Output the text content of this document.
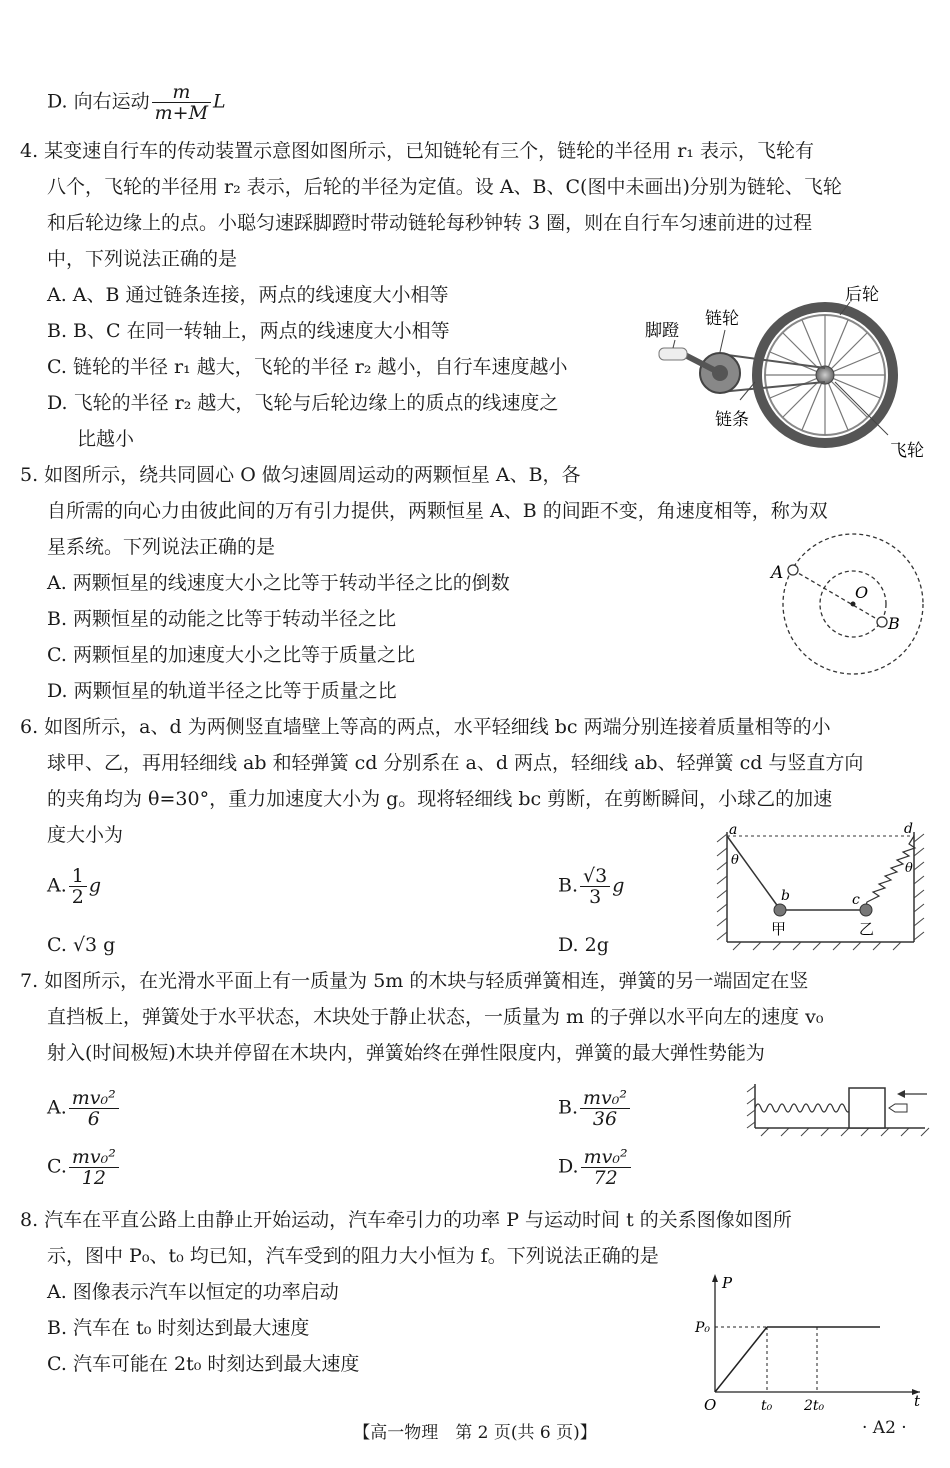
D. 向右运动 $\frac{m}{m+M}$ L
4. 某变速自行车的传动装置示意图如图所示，已知链轮有三个，链轮的半径用 r₁ 表示，飞轮有
八个，飞轮的半径用 r₂ 表示，后轮的半径为定值。设 A、B、C(图中未画出)分别为链轮、飞轮
和后轮边缘上的点。小聪匀速踩脚蹬时带动链轮每秒钟转 3 圈，则在自行车匀速前进的过程
中，下列说法正确的是
A. A、B 通过链条连接，两点的线速度大小相等
B. B、C 在同一转轴上，两点的线速度大小相等
C. 链轮的半径 r₁ 越大，飞轮的半径 r₂ 越小，自行车速度越小
D. 飞轮的半径 r₂ 越大，飞轮与后轮边缘上的质点的线速度之
比越小
后轮
链轮
脚蹬
链条
飞轮
5. 如图所示，绕共同圆心 O 做匀速圆周运动的两颗恒星 A、B，各
自所需的向心力由彼此间的万有引力提供，两颗恒星 A、B 的间距不变，角速度相等，称为双
星系统。下列说法正确的是
A. 两颗恒星的线速度大小之比等于转动半径之比的倒数
B. 两颗恒星的动能之比等于转动半径之比
C. 两颗恒星的加速度大小之比等于质量之比
D. 两颗恒星的轨道半径之比等于质量之比
A
O
B
6. 如图所示，a、d 为两侧竖直墙壁上等高的两点，水平轻细线 bc 两端分别连接着质量相等的小
球甲、乙，再用轻细线 ab 和轻弹簧 cd 分别系在 a、d 两点，轻细线 ab、轻弹簧 cd 与竖直方向
的夹角均为 θ=30°，重力加速度大小为 g。现将轻细线 bc 剪断，在剪断瞬间，小球乙的加速
度大小为
A. $\frac{1}{2}$ g	B. $\frac{√3}{3}$ g
C. √3 g	D. 2g
a	d
θ
θ
b	c
甲	乙
7. 如图所示，在光滑水平面上有一质量为 5m 的木块与轻质弹簧相连，弹簧的另一端固定在竖
直挡板上，弹簧处于水平状态，木块处于静止状态，一质量为 m 的子弹以水平向左的速度 v₀
射入(时间极短)木块并停留在木块内，弹簧始终在弹性限度内，弹簧的最大弹性势能为
A. $\frac{\text{mv₀²}}{6}$	B. $\frac{\text{mv₀²}}{36}$
C. $\frac{\text{mv₀²}}{12}$	D. $\frac{\text{mv₀²}}{72}$
8. 汽车在平直公路上由静止开始运动，汽车牵引力的功率 P 与运动时间 t 的关系图像如图所
示，图中 P₀、t₀ 均已知，汽车受到的阻力大小恒为 f。下列说法正确的是
A. 图像表示汽车以恒定的功率启动
B. 汽车在 t₀ 时刻达到最大速度
C. 汽车可能在 2t₀ 时刻达到最大速度
P
P₀
O	t₀ 2t₀	t
【高一物理　第 2 页(共 6 页)】	· A2 ·
